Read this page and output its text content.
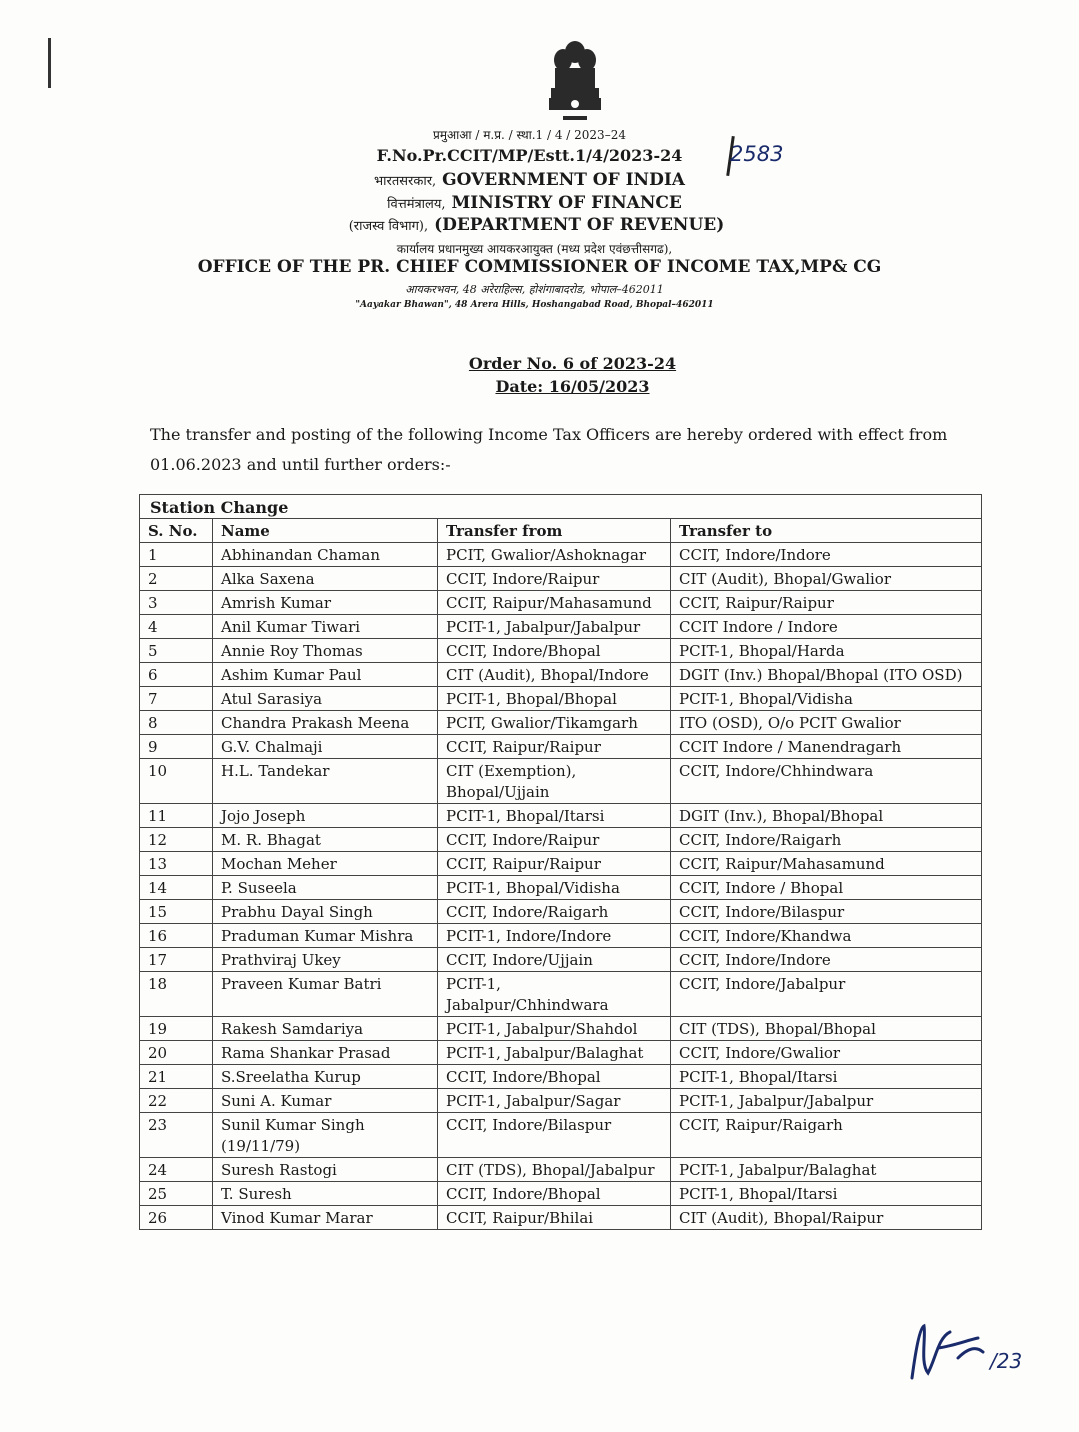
प्रमुआआ / म.प्र. / स्था.1 / 4 / 2023–24
F.No.Pr.CCIT/MP/Estt.1/4/2023-24	2583
भारतसरकार, GOVERNMENT OF INDIA
वित्तमंत्रालय, MINISTRY OF FINANCE
(राजस्व विभाग), (DEPARTMENT OF REVENUE)
कार्यालय प्रधानमुख्य आयकरआयुक्त (मध्य प्रदेश एवंछत्तीसगढ),
OFFICE OF THE PR. CHIEF COMMISSIONER OF INCOME TAX,MP& CG
आयकरभवन, 48 अरेराहिल्स, होशंगाबादरोड, भोपाल–462011
"Aayakar Bhawan", 48 Arera Hills, Hoshangabad Road, Bhopal–462011
Order No. 6 of 2023-24
Date: 16/05/2023
The transfer and posting of the following Income Tax Officers are hereby ordered with effect from 01.06.2023 and until further orders:-
Station Change			
S. No.	Name	Transfer from	Transfer to
1	Abhinandan Chaman	PCIT, Gwalior/Ashoknagar	CCIT, Indore/Indore
2	Alka Saxena	CCIT, Indore/Raipur	CIT (Audit), Bhopal/Gwalior
3	Amrish Kumar	CCIT, Raipur/Mahasamund	CCIT, Raipur/Raipur
4	Anil Kumar Tiwari	PCIT-1, Jabalpur/Jabalpur	CCIT Indore / Indore
5	Annie Roy Thomas	CCIT, Indore/Bhopal	PCIT-1, Bhopal/Harda
6	Ashim Kumar Paul	CIT (Audit), Bhopal/Indore	DGIT (Inv.) Bhopal/Bhopal (ITO OSD)
7	Atul Sarasiya	PCIT-1, Bhopal/Bhopal	PCIT-1, Bhopal/Vidisha
8	Chandra Prakash Meena	PCIT, Gwalior/Tikamgarh	ITO (OSD), O/o PCIT Gwalior
9	G.V. Chalmaji	CCIT, Raipur/Raipur	CCIT Indore / Manendragarh
10	H.L. Tandekar	CIT (Exemption), Bhopal/Ujjain	CCIT, Indore/Chhindwara
11	Jojo Joseph	PCIT-1, Bhopal/Itarsi	DGIT (Inv.), Bhopal/Bhopal
12	M. R. Bhagat	CCIT, Indore/Raipur	CCIT, Indore/Raigarh
13	Mochan Meher	CCIT, Raipur/Raipur	CCIT, Raipur/Mahasamund
14	P. Suseela	PCIT-1, Bhopal/Vidisha	CCIT, Indore / Bhopal
15	Prabhu Dayal Singh	CCIT, Indore/Raigarh	CCIT, Indore/Bilaspur
16	Praduman Kumar Mishra	PCIT-1, Indore/Indore	CCIT, Indore/Khandwa
17	Prathviraj Ukey	CCIT, Indore/Ujjain	CCIT, Indore/Indore
18	Praveen Kumar Batri	PCIT-1, Jabalpur/Chhindwara	CCIT, Indore/Jabalpur
19	Rakesh Samdariya	PCIT-1, Jabalpur/Shahdol	CIT (TDS), Bhopal/Bhopal
20	Rama Shankar Prasad	PCIT-1, Jabalpur/Balaghat	CCIT, Indore/Gwalior
21	S.Sreelatha Kurup	CCIT, Indore/Bhopal	PCIT-1, Bhopal/Itarsi
22	Suni A. Kumar	PCIT-1, Jabalpur/Sagar	PCIT-1, Jabalpur/Jabalpur
23	Sunil Kumar Singh (19/11/79)	CCIT, Indore/Bilaspur	CCIT, Raipur/Raigarh
24	Suresh Rastogi	CIT (TDS), Bhopal/Jabalpur	PCIT-1, Jabalpur/Balaghat
25	T. Suresh	CCIT, Indore/Bhopal	PCIT-1, Bhopal/Itarsi
26	Vinod Kumar Marar	CCIT, Raipur/Bhilai	CIT (Audit), Bhopal/Raipur
/23
